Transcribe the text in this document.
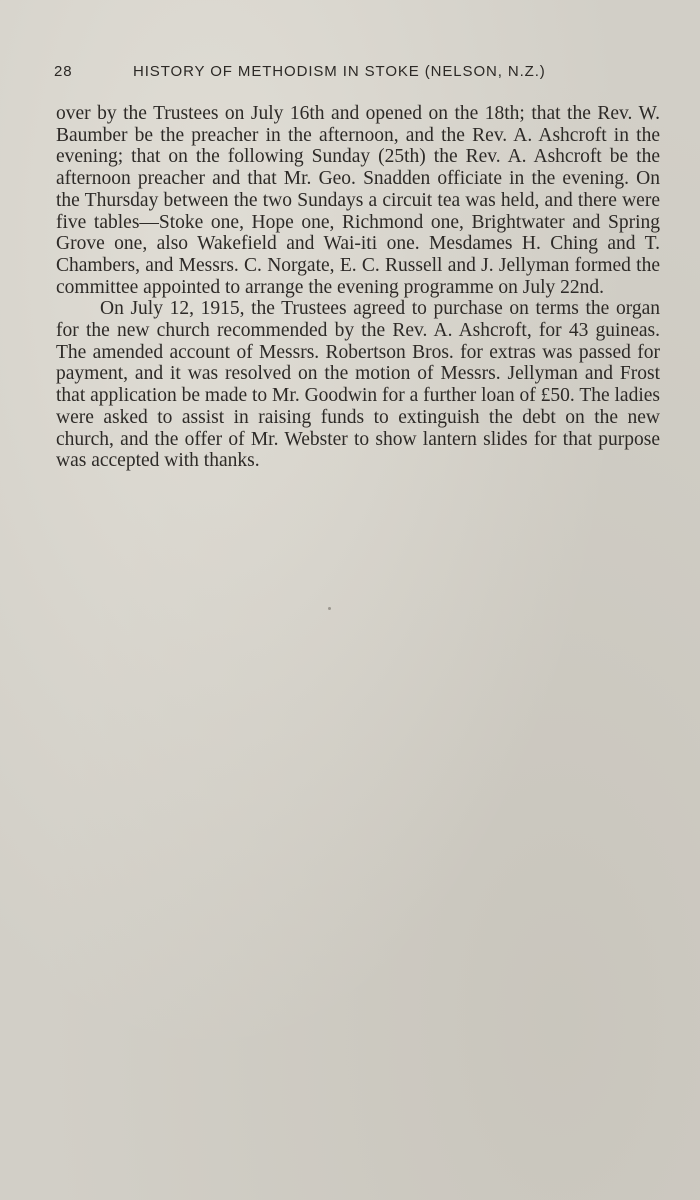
28	HISTORY OF METHODISM IN STOKE (NELSON, N.Z.)

over by the Trustees on July 16th and opened on the 18th; that the Rev. W. Baumber be the preacher in the afternoon, and the Rev. A. Ashcroft in the evening; that on the following Sunday (25th) the Rev. A. Ashcroft be the afternoon preacher and that Mr. Geo. Snadden officiate in the evening. On the Thursday between the two Sundays a circuit tea was held, and there were five tables—Stoke one, Hope one, Richmond one, Brightwater and Spring Grove one, also Wakefield and Wai-iti one. Mesdames H. Ching and T. Chambers, and Messrs. C. Norgate, E. C. Russell and J. Jellyman formed the committee appointed to arrange the evening programme on July 22nd.

On July 12, 1915, the Trustees agreed to purchase on terms the organ for the new church recommended by the Rev. A. Ashcroft, for 43 guineas. The amended account of Messrs. Robertson Bros. for extras was passed for payment, and it was resolved on the motion of Messrs. Jellyman and Frost that application be made to Mr. Goodwin for a further loan of £50. The ladies were asked to assist in raising funds to extinguish the debt on the new church, and the offer of Mr. Webster to show lantern slides for that purpose was accepted with thanks.
